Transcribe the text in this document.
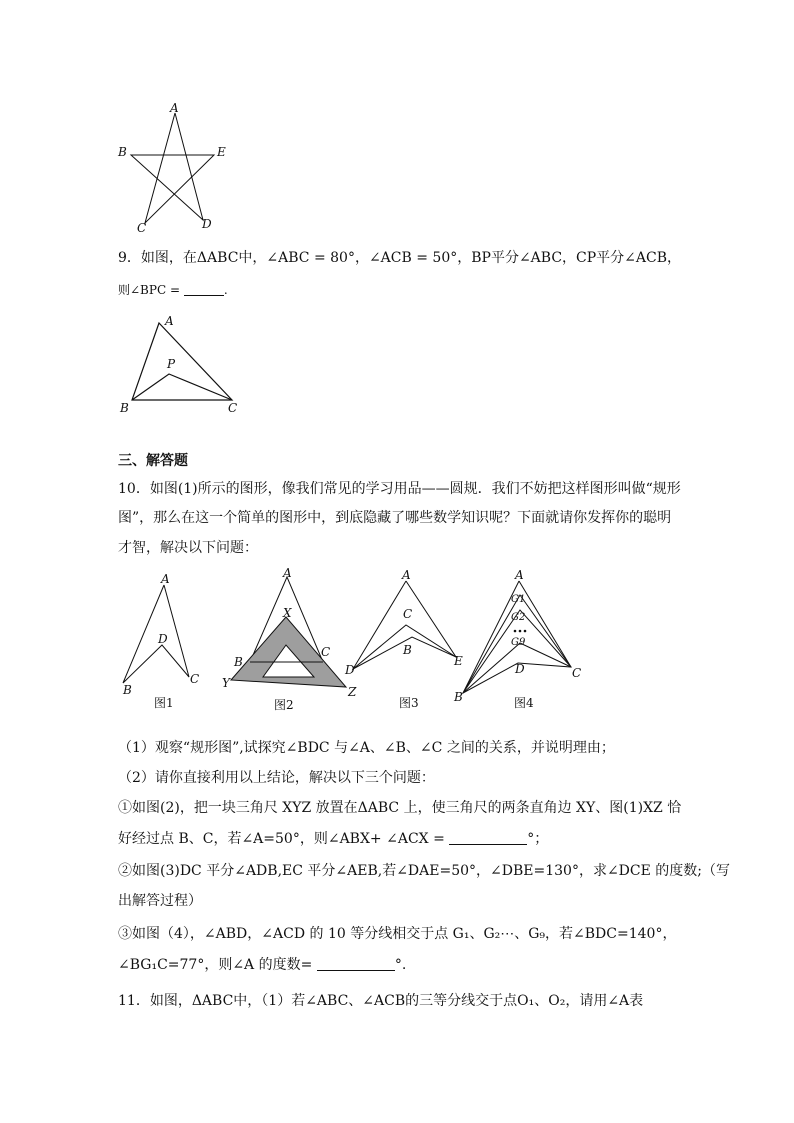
A
B	E
C	D
9．如图，在ΔABC中，∠ABC = 80°，∠ACB = 50°，BP平分∠ABC，CP平分∠ACB，
则∠BPC =	.
A
P
B	C
三、解答题
10．如图(1)所示的图形，像我们常见的学习用品——圆规．我们不妨把这样图形叫做“规形
图”，那么在这一个简单的图形中，到底隐藏了哪些数学知识呢？下面就请你发挥你的聪明
才智，解决以下问题：
A
D
B
C
图1
A
X
B
C
Y
Z
图2
A
C
B
D
E
图3
A
G1
G2
G9
D
B
C
图4
（1）观察“规形图”,试探究∠BDC 与∠A、∠B、∠C 之间的关系，并说明理由；
（2）请你直接利用以上结论，解决以下三个问题：
①如图(2)，把一块三角尺 XYZ 放置在ΔABC 上，使三角尺的两条直角边 XY、图(1)XZ 恰
好经过点 B、C，若∠A=50°，则∠ABX+ ∠ACX =	°；
②如图(3)DC 平分∠ADB,EC 平分∠AEB,若∠DAE=50°，∠DBE=130°，求∠DCE 的度数;（写
出解答过程）
③如图（4），∠ABD，∠ACD 的 10 等分线相交于点 G₁、G₂⋯、G₉，若∠BDC=140°，
∠BG₁C=77°，则∠A 的度数=	°.
11．如图，ΔABC中，（1）若∠ABC、∠ACB的三等分线交于点O₁、O₂，请用∠A表
